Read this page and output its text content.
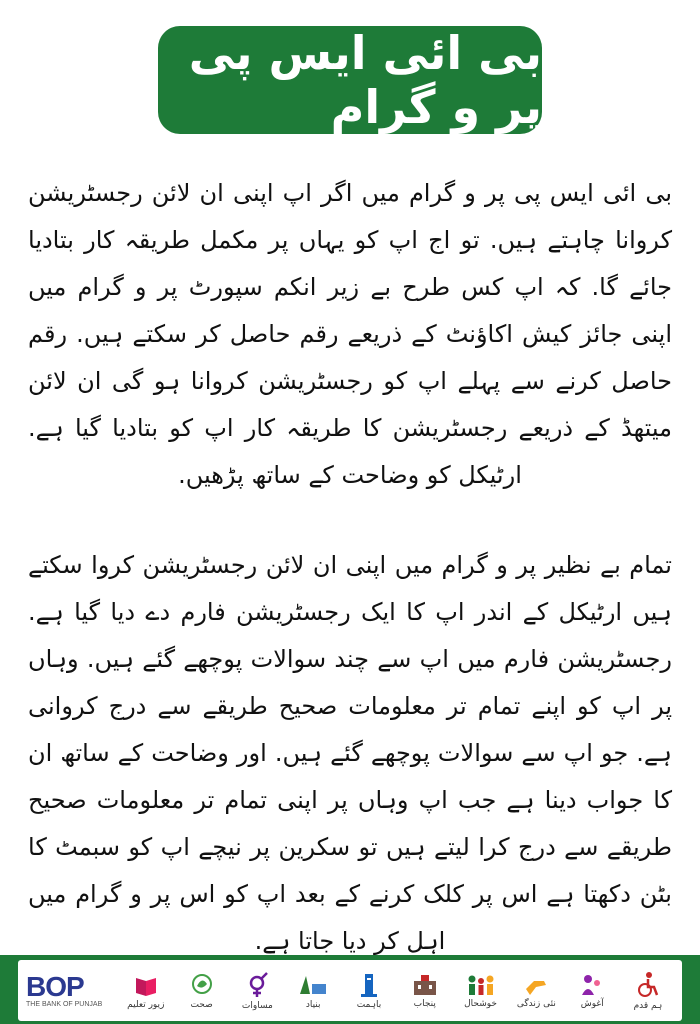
بی ائی ایس پی پر و گرام
بی ائی ایس پی پر و گرام میں اگر اپ اپنی ان لائن رجسٹریشن کروانا چاہتے ہیں. تو اج اپ کو یہاں پر مکمل طریقہ کار بتادیا جائے گا. کہ اپ کس طرح بے زیر انکم سپورٹ پر و گرام میں اپنی جائز کیش اکاؤنٹ کے ذریعے رقم حاصل کر سکتے ہیں. رقم حاصل کرنے سے پہلے اپ کو رجسٹریشن کروانا ہو گی ان لائن میتھڈ کے ذریعے رجسٹریشن کا طریقہ کار اپ کو بتادیا گیا ہے. ارٹیکل کو وضاحت کے ساتھ پڑھیں.
تمام بے نظیر پر و گرام میں اپنی ان لائن رجسٹریشن کروا سکتے ہیں ارٹیکل کے اندر اپ کا ایک رجسٹریشن فارم دے دیا گیا ہے. رجسٹریشن فارم میں اپ سے چند سوالات پوچھے گئے ہیں. وہاں پر اپ کو اپنے تمام تر معلومات صحیح طریقے سے درج کروانی ہے. جو اپ سے سوالات پوچھے گئے ہیں. اور وضاحت کے ساتھ ان کا جواب دینا ہے جب اپ وہاں پر اپنی تمام تر معلومات صحیح طریقے سے درج کرا لیتے ہیں تو سکرین پر نیچے اپ کو سبمٹ کا بٹن دکھتا ہے اس پر کلک کرنے کے بعد اپ کو اس پر و گرام میں اہل کر دیا جاتا ہے.
ہم قدم
آغوش
نئی زندگی
خوشحال
پنجاب
باہمت
بنیاد
مساوات
صحت
زیور تعلیم
BOP
THE BANK OF PUNJAB
